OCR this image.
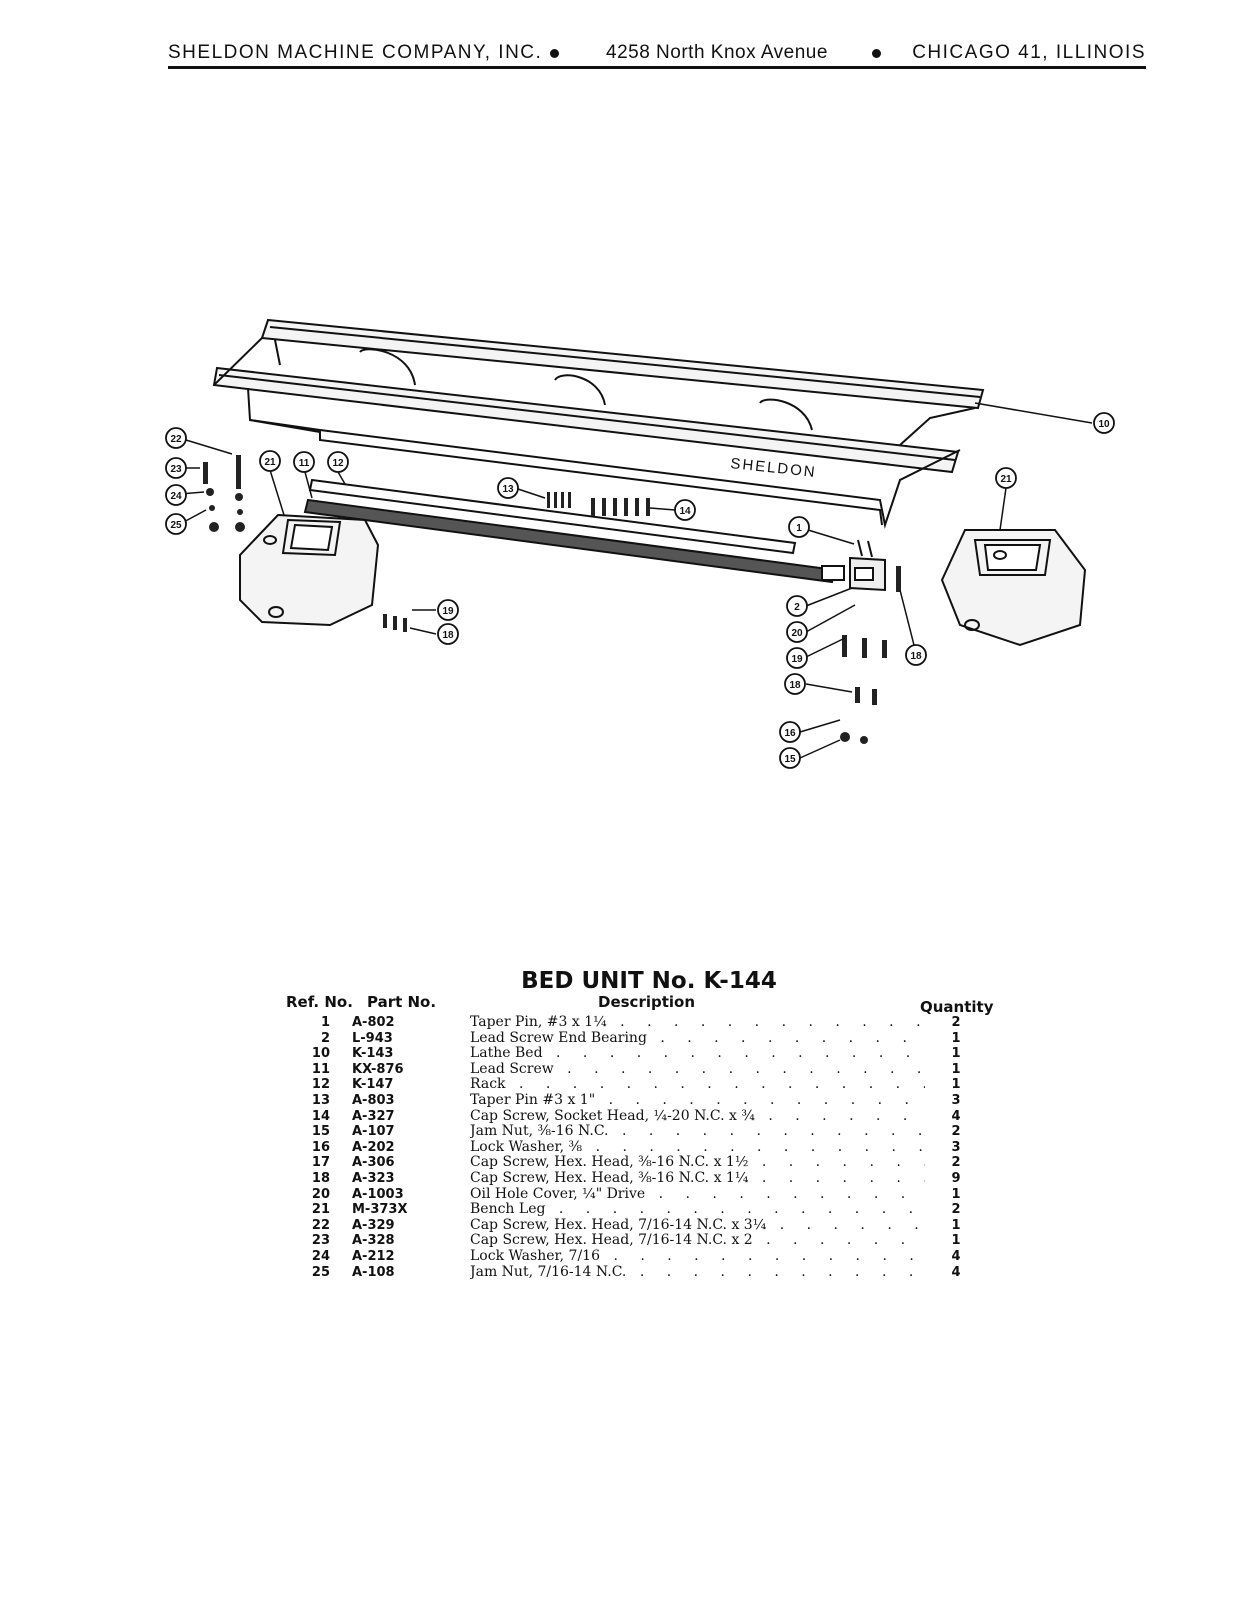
SHELDON MACHINE COMPANY, INC.	4258 North Knox Avenue	CHICAGO 41, ILLINOIS
SHELDON
10
22
23
24
25
21 11 12
13
14
1
2
21
19
18	20
19
18
18
16
15
BED UNIT No. K-144
Ref. No. Part No.	Description	Quantity
1 A-802	Taper Pin, #3 x 1¼ . . .	2
2 L-943	Lead Screw End Bearing . . .	1
10 K-143	Lathe Bed . . .	1
11 KX-876	Lead Screw . . .	1
12 K-147	Rack . . .	1
13 A-803	Taper Pin #3 x 1" . . .	3
14 A-327	Cap Screw, Socket Head, ¼-20 N.C. x ¾ . . .	4
15 A-107	Jam Nut, ⅜-16 N.C. . . .	2
16 A-202	Lock Washer, ⅜ . . .	3
17 A-306	Cap Screw, Hex. Head, ⅜-16 N.C. x 1½ . . .	2
18 A-323	Cap Screw, Hex. Head, ⅜-16 N.C. x 1¼ . . .	9
20 A-1003	Oil Hole Cover, ¼" Drive . . .	1
21 M-373X	Bench Leg . . .	2
22 A-329	Cap Screw, Hex. Head, 7/16-14 N.C. x 3¼ . . .	1
23 A-328	Cap Screw, Hex. Head, 7/16-14 N.C. x 2 . . .	1
24 A-212	Lock Washer, 7/16 . . .	4
25 A-108	Jam Nut, 7/16-14 N.C. . . .	4
